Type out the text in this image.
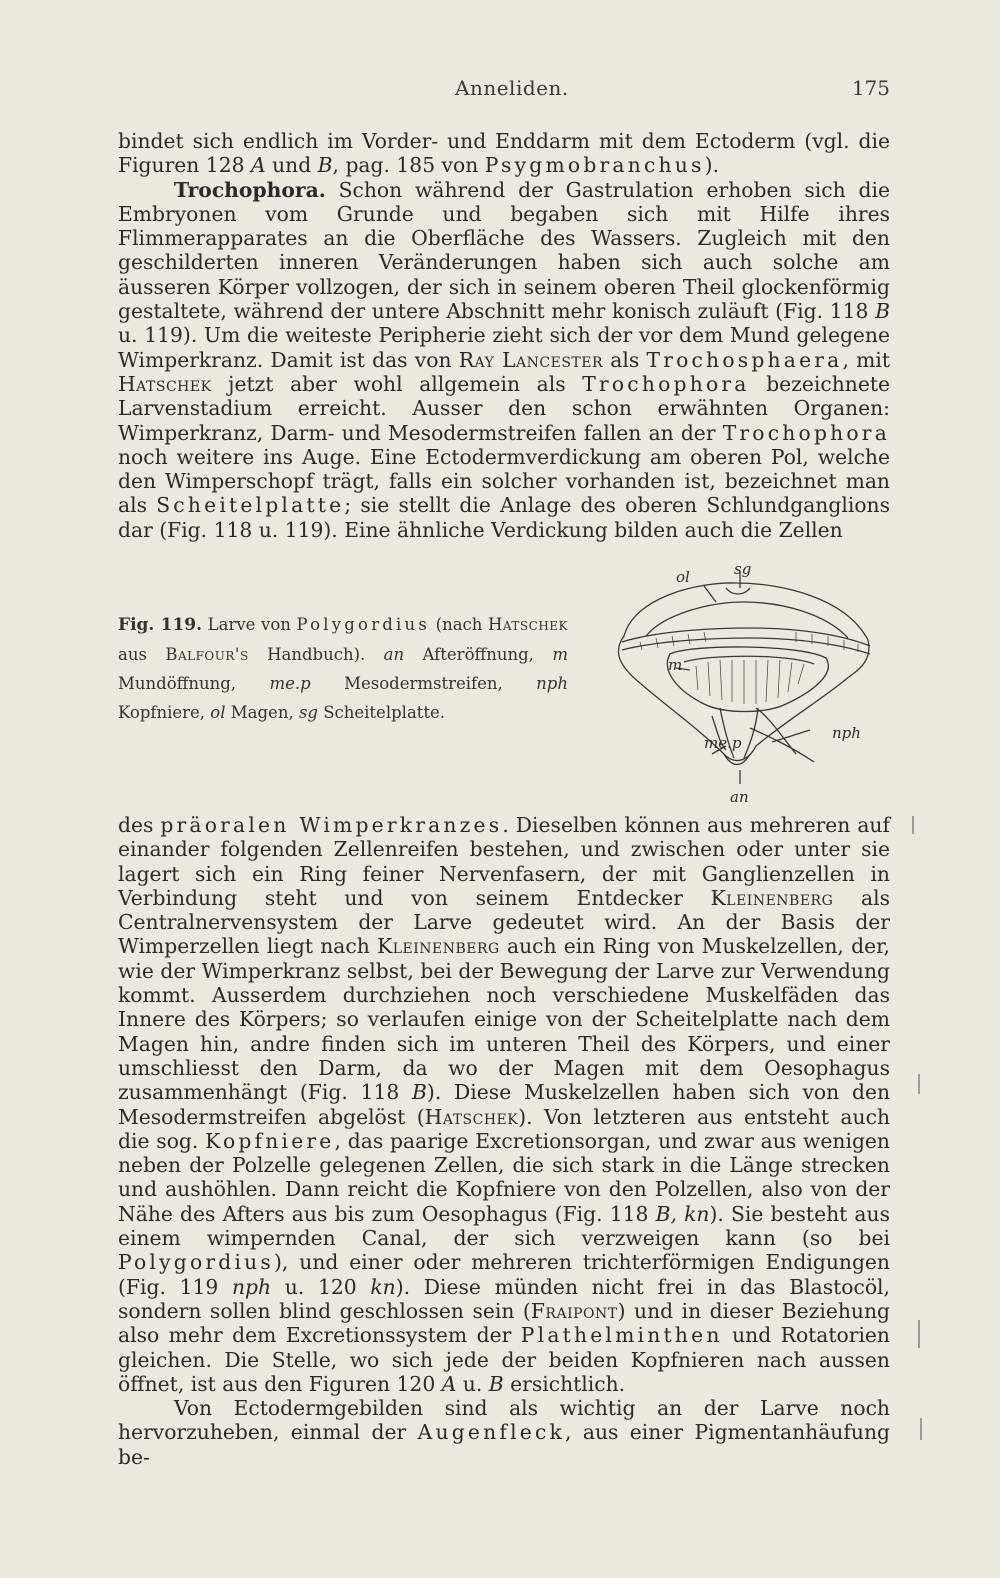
Anneliden.	175

bindet sich endlich im Vorder- und Enddarm mit dem Ectoderm (vgl. die Figuren 128 A und B, pag. 185 von Psygmobranchus).

Trochophora. Schon während der Gastrulation erhoben sich die Embryonen vom Grunde und begaben sich mit Hilfe ihres Flimmerapparates an die Oberfläche des Wassers. Zugleich mit den geschilderten inneren Veränderungen haben sich auch solche am äusseren Körper vollzogen, der sich in seinem oberen Theil glockenförmig gestaltete, während der untere Abschnitt mehr konisch zuläuft (Fig. 118 B u. 119). Um die weiteste Peripherie zieht sich der vor dem Mund gelegene Wimperkranz. Damit ist das von Ray Lancester als Trochosphaera, mit Hatschek jetzt aber wohl allgemein als Trochophora bezeichnete Larvenstadium erreicht. Ausser den schon erwähnten Organen: Wimperkranz, Darm- und Mesodermstreifen fallen an der Trochophora noch weitere ins Auge. Eine Ectodermverdickung am oberen Pol, welche den Wimperschopf trägt, falls ein solcher vorhanden ist, bezeichnet man als Scheitelplatte; sie stellt die Anlage des oberen Schlundganglions dar (Fig. 118 u. 119). Eine ähnliche Verdickung bilden auch die Zellen

Fig. 119. Larve von Polygordius (nach Hatschek aus Balfour's Handbuch). an Afteröffnung, m Mundöffnung, me.p Mesodermstreifen, nph Kopfniere, ol Magen, sg Scheitelplatte.

sg
ol
m
nph
me.p
an

des präoralen Wimperkranzes. Dieselben können aus mehreren auf einander folgenden Zellenreifen bestehen, und zwischen oder unter sie lagert sich ein Ring feiner Nervenfasern, der mit Ganglienzellen in Verbindung steht und von seinem Entdecker Kleinenberg als Centralnervensystem der Larve gedeutet wird. An der Basis der Wimperzellen liegt nach Kleinenberg auch ein Ring von Muskelzellen, der, wie der Wimperkranz selbst, bei der Bewegung der Larve zur Verwendung kommt. Ausserdem durchziehen noch verschiedene Muskelfäden das Innere des Körpers; so verlaufen einige von der Scheitelplatte nach dem Magen hin, andre finden sich im unteren Theil des Körpers, und einer umschliesst den Darm, da wo der Magen mit dem Oesophagus zusammenhängt (Fig. 118 B). Diese Muskelzellen haben sich von den Mesodermstreifen abgelöst (Hatschek). Von letzteren aus entsteht auch die sog. Kopfniere, das paarige Excretionsorgan, und zwar aus wenigen neben der Polzelle gelegenen Zellen, die sich stark in die Länge strecken und aushöhlen. Dann reicht die Kopfniere von den Polzellen, also von der Nähe des Afters aus bis zum Oesophagus (Fig. 118 B, kn). Sie besteht aus einem wimpernden Canal, der sich verzweigen kann (so bei Polygordius), und einer oder mehreren trichterförmigen Endigungen (Fig. 119 nph u. 120 kn). Diese münden nicht frei in das Blastocöl, sondern sollen blind geschlossen sein (Fraipont) und in dieser Beziehung also mehr dem Excretionssystem der Plathelminthen und Rotatorien gleichen. Die Stelle, wo sich jede der beiden Kopfnieren nach aussen öffnet, ist aus den Figuren 120 A u. B ersichtlich.

Von Ectodermgebilden sind als wichtig an der Larve noch hervorzuheben, einmal der Augenfleck, aus einer Pigmentanhäufung be-
